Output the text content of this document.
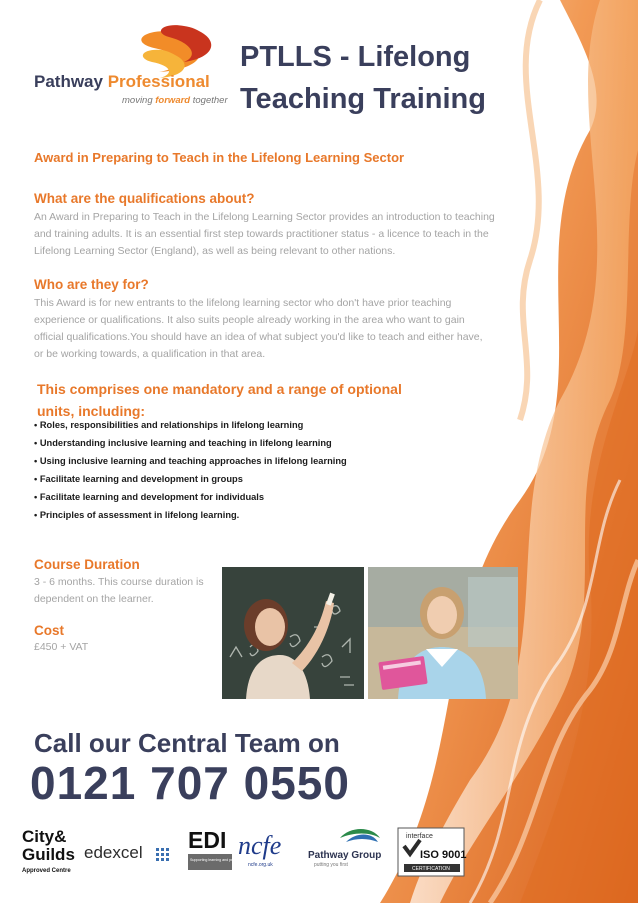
Pathway Professional
moving forward together
PTLLS - Lifelong
Teaching Training
Award in Preparing to Teach in the Lifelong Learning Sector
What are the qualifications about?
An Award in Preparing to Teach in the Lifelong Learning Sector provides an introduction to teaching
and training adults. It is an essential first step towards practitioner status - a licence to teach in the
Lifelong Learning Sector (England), as well as being relevant to other nations.
Who are they for?
This Award is for new entrants to the lifelong learning sector who don't have prior teaching
experience or qualifications. It also suits people already working in the area who want to gain
official qualifications.You should have an idea of what subject you'd like to teach and either have,
or be working towards, a qualification in that area.
This comprises one mandatory and a range of optional
units, including:
• Roles, responsibilities and relationships in lifelong learning
• Understanding inclusive learning and teaching in lifelong learning
• Using inclusive learning and teaching approaches in lifelong learning
• Facilitate learning and development in groups
• Facilitate learning and development for individuals
• Principles of assessment in lifelong learning.
Course Duration
3 - 6 months. This course duration is
dependent on the learner.
Cost
£450 + VAT
Call our Central Team on
0121 707 0550
City&
Guilds
Approved Centre
edexcel EDI
Supporting learning and performance
ncfe
ncfe.org.uk
Pathway Group
putting you first
interface
ISO 9001
CERTIFICATION
